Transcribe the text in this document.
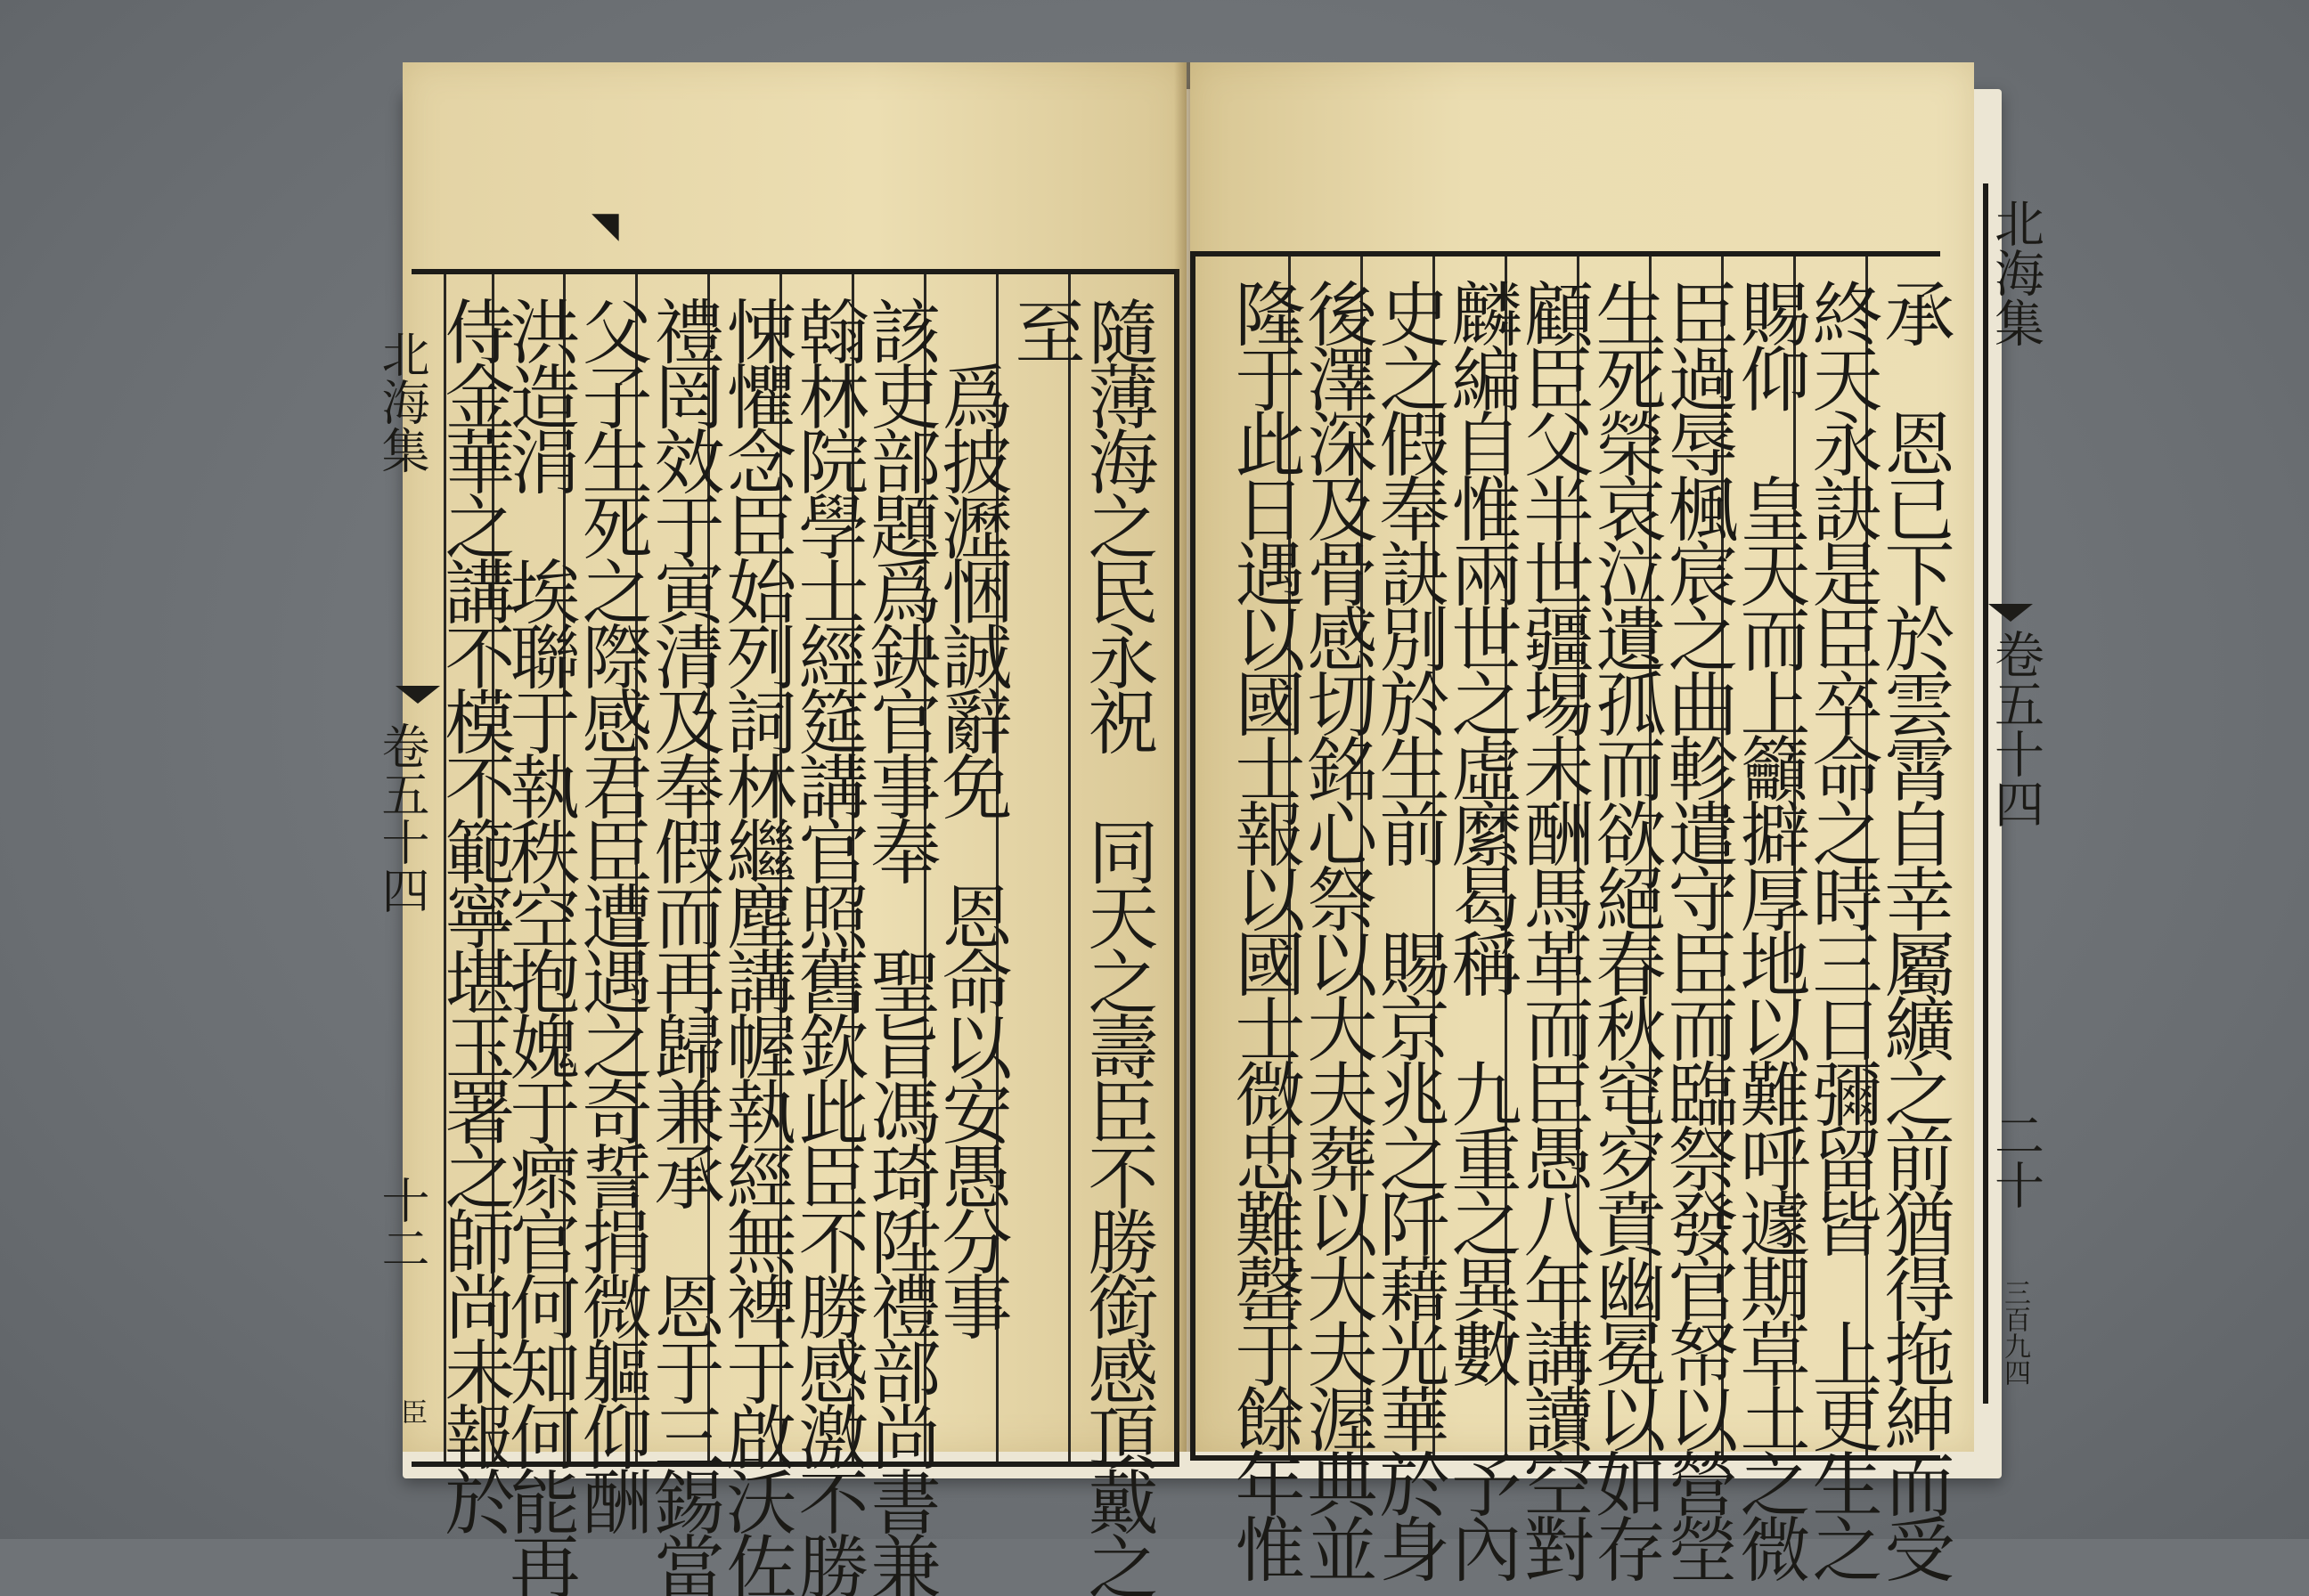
◥
北海集
卷五十四
十二
臣	隨薄海之民永祝　同天之壽臣不勝銜感頂戴之
至
　爲披瀝悃誠辭免　恩命以安愚分事
該吏部題爲鈌官事奉　聖旨馮琦陞禮部尚書兼
翰林院學士經筵講官照舊欽此臣不勝感激不勝
悚懼念臣始列詞林繼塵講幄執經無裨于啟沃佐
禮罔效于寅清及奉假而再歸兼承　恩于三錫當
父子生死之際感君臣遭遇之奇誓捐微軀仰酬
洪造涓　埃聯于執秩空抱媿于瘝官何知何能再
侍金華之講不模不範寧堪玉署之師尚未報於	承　恩已下於雲霄自幸屬纊之前猶得拖紳而受
終天永訣是臣卒命之時三日彌留皆　上更生之
賜仰　皇天而上籲擗厚地以難呼遽期草土之微
臣過辱楓宸之曲軫遣守臣而臨祭發官帑以營塋
生死榮哀泣遺孤而欲絕春秋窀穸賁幽冕以如存
顧臣父半世疆埸未酬馬革而臣愚八年講讀空對
麟編自惟兩世之虛縻曷稱　九重之異數　予內
史之假奉訣別於生前　賜京兆之阡藉光華於身
後澤深及骨感切銘心祭以大夫葬以大夫渥典並
隆于此日遇以國士報以國士微忠難罄于餘年惟
北海集
卷五十四
二十
三百九四
